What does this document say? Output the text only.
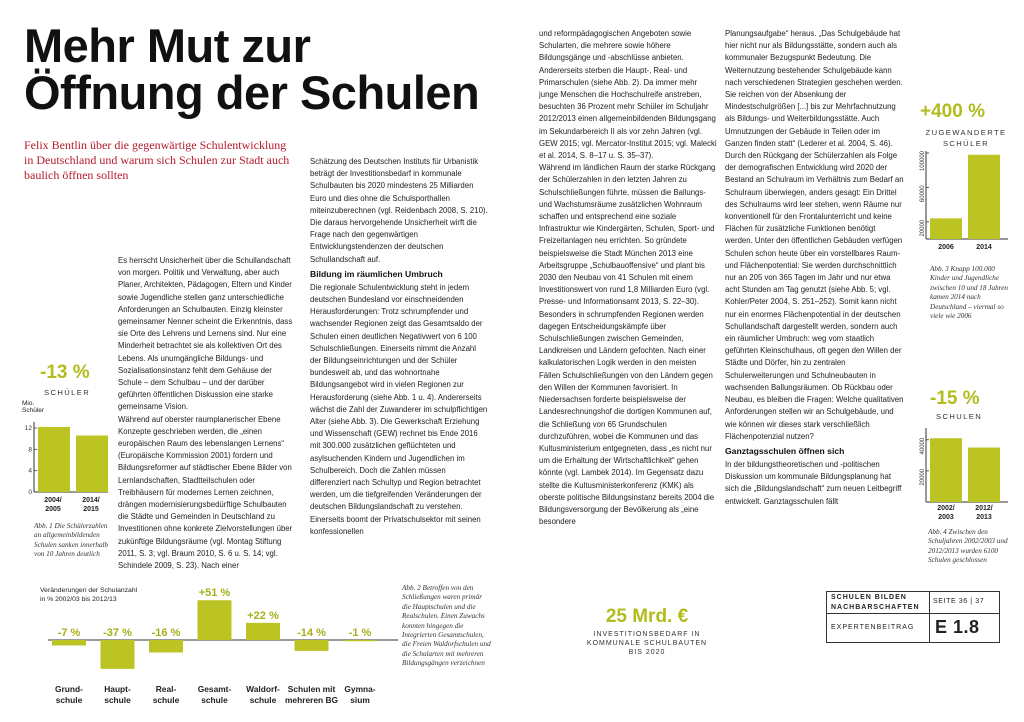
Mehr Mut zur
Öffnung der Schulen
Felix Bentlin über die gegenwärtige Schulentwicklung in Deutschland und warum sich Schulen zur Stadt auch baulich öffnen sollten

Es herrscht Unsicherheit über die Schullandschaft von morgen. Politik und Verwaltung, aber auch Planer, Architekten, Pädagogen, Eltern und Kinder sowie Jugendliche stellen ganz unterschiedliche Anforderungen an Schulbauten. Einzig kleinster gemeinsamer Nenner scheint die Erkenntnis, dass sie Orte des Lehrens und Lernens sind. Nur eine Minderheit betrachtet sie als kollektiven Ort des Lebens. Als unumgängliche Bildungs- und Sozialisationsinstanz fehlt dem Gehäuse der Schule – dem Schulbau – und der darüber geführten öffentlichen Diskussion eine starke gemeinsame Vision.

Während auf oberster raumplanerischer Ebene Konzepte geschrieben werden, die „einen europäischen Raum des lebenslangen Lernens“ (Europäische Kommission 2001) fordern und Bildungsreformer auf städtischer Ebene Bilder von Lernlandschaften, Stadtteilschulen oder Treibhäusern für modernes Lernen zeichnen, drängen modernisierungsbedürftige Schulbauten die Städte und Gemeinden in Deutschland zu Investitionen ohne konkrete Zielvorstellungen über zukünftige Bildungsräume (vgl. Montag Stiftung 2011, S. 3; vgl. Braum 2010, S. 6 u. S. 14; vgl. Schindele 2009, S. 23). Nach einer

Schätzung des Deutschen Instituts für Urbanistik beträgt der Investitionsbedarf in kommunale Schulbauten bis 2020 mindestens 25 Milliarden Euro und dies ohne die Schulsporthallen miteinzuberechnen (vgl. Reidenbach 2008, S. 210). Die daraus hervorgehende Unsicherheit wirft die Frage nach den gegenwärtigen Entwicklungstendenzen der deutschen Schullandschaft auf.

Bildung im räumlichen Umbruch

Die regionale Schulentwicklung steht in jedem deutschen Bundesland vor einschneidenden Herausforderungen: Trotz schrumpfender und wachsender Regionen zeigt das Gesamtsaldo der Schulen einen deutlichen Negativwert von 6 100 Schulschließungen. Einerseits nimmt die Anzahl der Bildungseinrichtungen und der Schüler bundesweit ab, und das wohnortnahe Bildungsangebot wird in vielen Regionen zur Herausforderung (siehe Abb. 1 u. 4). Andererseits wächst die Zahl der Zuwanderer im schulpflichtigen Alter (siehe Abb. 3). Die Gewerkschaft Erziehung und Wissenschaft (GEW) rechnet bis Ende 2016 mit 300.000 zusätzlichen geflüchteten und asylsuchenden Kindern und Jugendlichen im Schulbereich. Doch die Zahlen müssen differenziert nach Schultyp und Region betrachtet werden, um die tiefgreifenden Veränderungen der deutschen Bildungslandschaft zu verstehen. Einerseits boomt der Privatschulsektor mit seinen konfessionellen

und reformpädagogischen Angeboten sowie Schularten, die mehrere sowie höhere Bildungsgänge und -abschlüsse anbieten. Andererseits sterben die Haupt-, Real- und Primarschulen (siehe Abb. 2). Da immer mehr junge Menschen die Hochschulreife anstreben, besuchten 36 Prozent mehr Schüler im Schuljahr 2012/2013 einen allgemeinbildenden Bildungsgang im Sekundarbereich II als vor zehn Jahren (vgl. GEW 2015; vgl. Mercator-Institut 2015; vgl. Malecki et al. 2014, S. 8–17 u. S. 35–37).

Während im ländlichen Raum der starke Rückgang der Schülerzahlen in den letzten Jahren zu Schulschließungen führte, müssen die Ballungs- und Wachstumsräume zusätzlichen Wohnraum schaffen und entsprechend eine soziale Infrastruktur wie Kindergärten, Schulen, Sport- und Freizeitanlagen neu errichten. So gründete beispielsweise die Stadt München 2013 eine Arbeitsgruppe „Schulbauoffensive“ und plant bis 2030 den Neubau von 41 Schulen mit einem Investitionswert von rund 1,8 Milliarden Euro (vgl. Presse- und Informationsamt 2013, S. 22–30). Besonders in schrumpfenden Regionen werden dagegen Entscheidungskämpfe über Schulschließungen zwischen Gemeinden, Landkreisen und Ländern gefochten. Nach einer kalkulatorischen Logik werden in den meisten Fällen Schulschließungen von den Ländern gegen den Willen der Kommunen favorisiert. In Niedersachsen forderte beispielsweise der Landesrechnungshof die dortigen Kommunen auf, die Schließung von 65 Grundschulen durchzuführen, wobei die Kommunen und das Kultusministerium entgegneten, dass „es nicht nur um die Erhaltung der Wirtschaftlichkeit“ gehen könnte (vgl. Lambek 2014). Im Gegensatz dazu stellte die Kultusministerkonferenz (KMK) als oberste politische Bildungsinstanz bereits 2004 die Bildungsversorgung der Bevölkerung als „eine besondere

Planungsaufgabe“ heraus. „Das Schulgebäude hat hier nicht nur als Bildungsstätte, sondern auch als kommunaler Bezugspunkt Bedeutung. Die Weiternutzung bestehender Schulgebäude kann nach verschiedenen Strategien geschehen werden. Sie reichen von der Absenkung der Mindestschulgrößen [...] bis zur Mehrfachnutzung als Bildungs- und Weiterbildungsstätte. Auch Umnutzungen der Gebäude in Teilen oder im Ganzen finden statt“ (Lederer et al. 2004, S. 46).

Durch den Rückgang der Schülerzahlen als Folge der demografischen Entwicklung wird 2020 der Bestand an Schulraum im Verhältnis zum Bedarf an Schulraum überwiegen, anders gesagt: Ein Drittel des Schulraums wird leer stehen, wenn Räume nur konventionell für den Frontalunterricht und keine Flächen für zusätzliche Funktionen benötigt werden. Unter den öffentlichen Gebäuden verfügen Schulen schon heute über ein vorstellbares Raum- und Flächenpotential: Sie werden durchschnittlich nur an 205 von 365 Tagen im Jahr und nur etwa acht Stunden am Tag genutzt (siehe Abb. 5; vgl. Kohler/Peter 2004, S. 251–252). Somit kann nicht nur ein enormes Flächenpotential in der deutschen Schullandschaft dargestellt werden, sondern auch ein räumlicher Umbruch: weg vom staatlich geführten Kleinschulhaus, oft gegen den Willen der Städte und Dörfer, hin zu zentralen Schulerweiterungen und Schulneubauten in wachsenden Ballungsräumen. Ob Rückbau oder Neubau, es bleiben die Fragen: Welche qualitativen Anforderungen stellen wir an Schulgebäude, und wie können wir dieses stark verschließlich Flächenpotenzial nutzen?

Ganztagsschulen öffnen sich

In der bildungstheoretischen und -politischen Diskussion um kommunale Bildungsplanung hat sich die „Bildungslandschaft“ zum neuen Leitbegriff entwickelt. Ganztagsschulen fällt

-13 %
SCHÜLER
Mio.
Schüler
12
8
4
0
2004/
2005
2014/
2015
Abb. 1 Die Schülerzahlen an allgemeinbildenden Schulen sanken innerhalb von 10 Jahren deutlich
Veränderungen der Schulanzahl
in % 2002/03 bis 2012/13
-7 %
Grund-
schule
-37 %
Haupt-
schule
-16 %
Real-
schule
+51 %
Gesamt-
schule
+22 %
Waldorf-
schule
-14 %
Schulen mit
mehreren BG
-1 %
Gymna-
sium
Abb. 2 Betroffen von den Schließungen waren primär die Hauptschulen und die Realschulen. Einen Zuwachs konnten hingegen die Integrierten Gesamtschulen, die Freien Waldorfschulen und die Schularten mit mehreren Bildungsgängen verzeichnen
25 Mrd. €
INVESTITIONSBEDARF IN
KOMMUNALE SCHULBAUTEN
BIS 2020
+400 %
ZUGEWANDERTE
SCHÜLER
100000
60000
20000
2006	2014
Abb. 3 Knapp 100.000 Kinder und Jugendliche zwischen 10 und 18 Jahren kamen 2014 nach Deutschland – viermal so viele wie 2006
-15 %
SCHULEN
40000
20000
2002/
2003
2012/
2013
Abb. 4 Zwischen den Schuljahren 2002/2003 und 2012/2013 wurden 6100 Schulen geschlossen
SCHULEN BILDEN
NACHBARSCHAFTEN
SEITE 36 | 37
EXPERTENBEITRAG E 1.8
